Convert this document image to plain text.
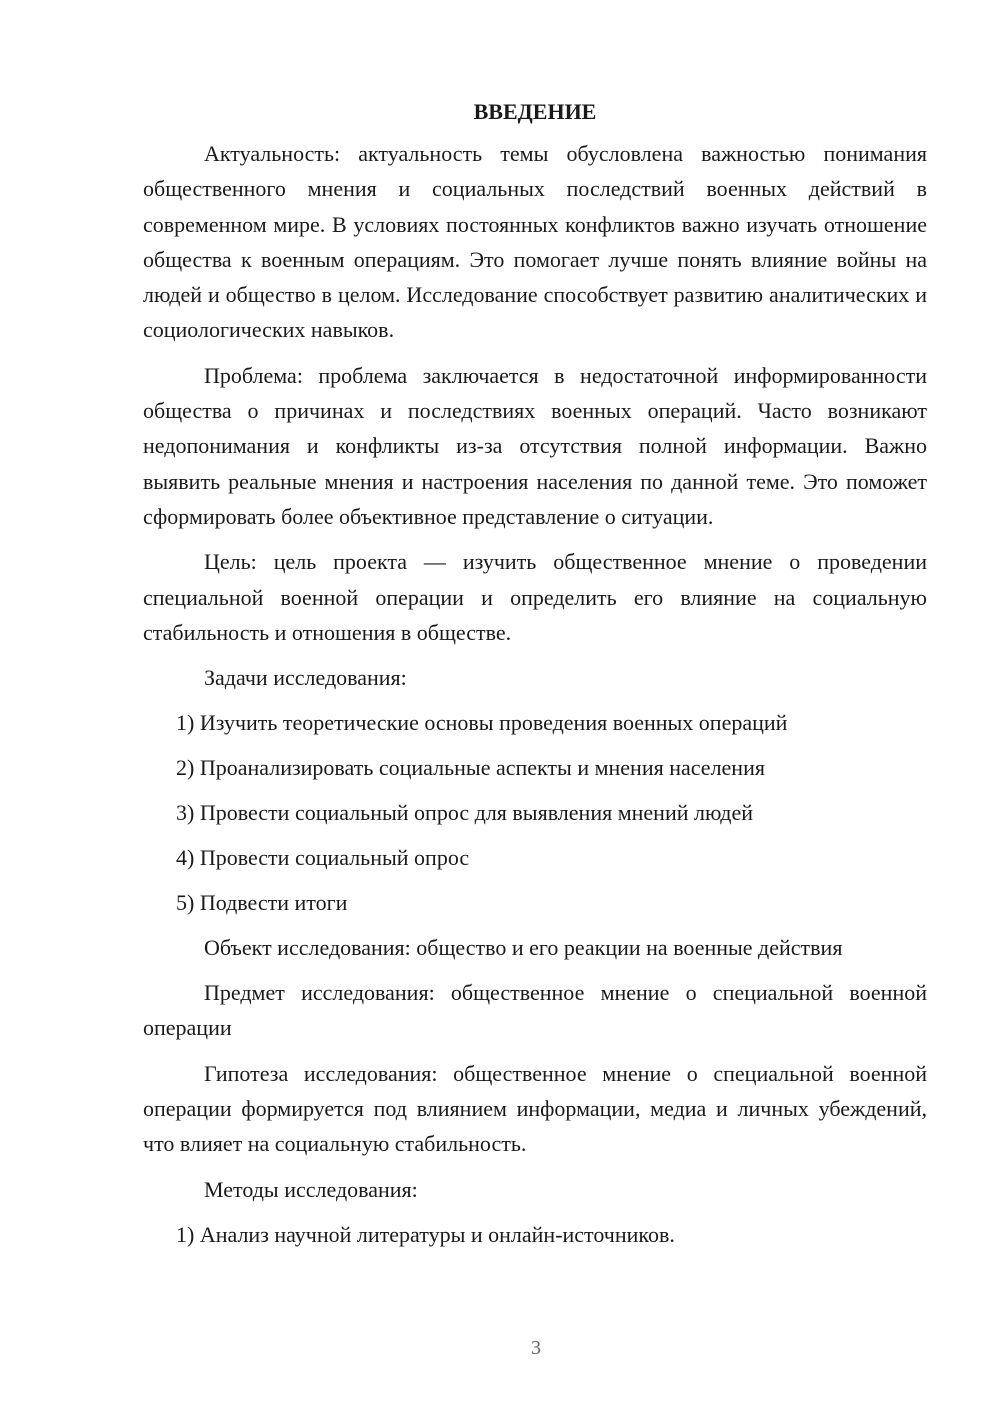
ВВЕДЕНИЕ

Актуальность: актуальность темы обусловлена важностью понимания общественного мнения и социальных последствий военных действий в современном мире. В условиях постоянных конфликтов важно изучать отношение общества к военным операциям. Это помогает лучше понять влияние войны на людей и общество в целом. Исследование способствует развитию аналитических и социологических навыков.

Проблема: проблема заключается в недостаточной информированности общества о причинах и последствиях военных операций. Часто возникают недопонимания и конфликты из-за отсутствия полной информации. Важно выявить реальные мнения и настроения населения по данной теме. Это поможет сформировать более объективное представление о ситуации.

Цель: цель проекта — изучить общественное мнение о проведении специальной военной операции и определить его влияние на социальную стабильность и отношения в обществе.

Задачи исследования:
1) Изучить теоретические основы проведения военных операций
2) Проанализировать социальные аспекты и мнения населения
3) Провести социальный опрос для выявления мнений людей
4) Провести социальный опрос
5) Подвести итоги
Объект исследования: общество и его реакции на военные действия

Предмет исследования: общественное мнение о специальной военной операции

Гипотеза исследования: общественное мнение о специальной военной операции формируется под влиянием информации, медиа и личных убеждений, что влияет на социальную стабильность.

Методы исследования:
1) Анализ научной литературы и онлайн-источников.
3
